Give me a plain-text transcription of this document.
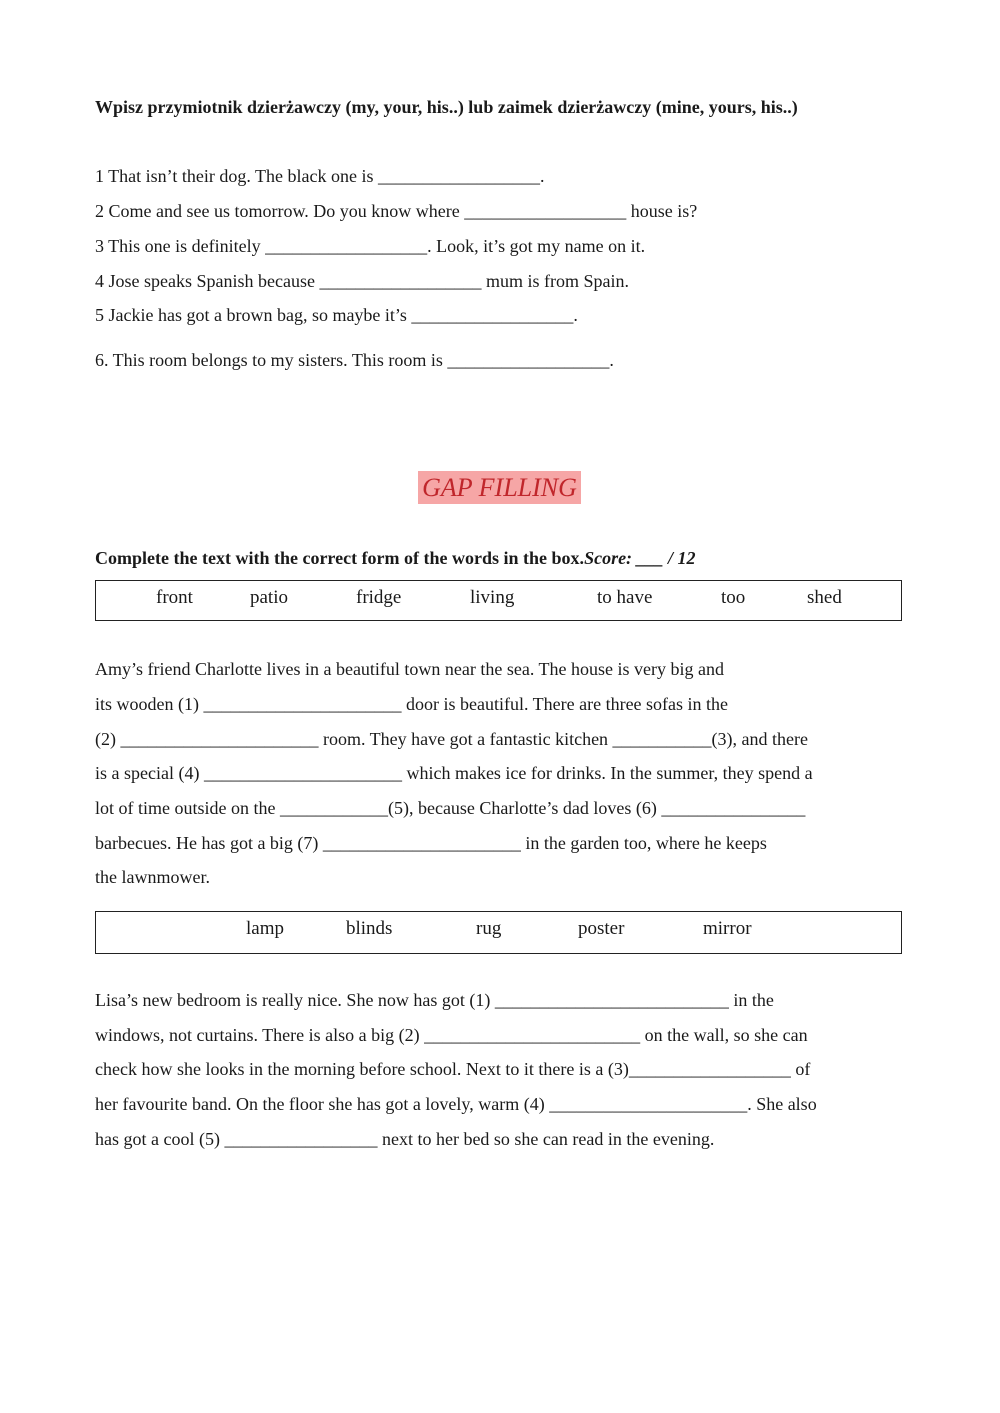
Wpisz przymiotnik dzierżawczy (my, your, his..) lub zaimek dzierżawczy (mine, yours, his..)
1 That isn’t their dog. The black one is __________________.
2 Come and see us tomorrow. Do you know where __________________ house is?
3 This one is definitely __________________. Look, it’s got my name on it.
4 Jose speaks Spanish because __________________ mum is from Spain.
5 Jackie has got a brown bag, so maybe it’s __________________.
6. This room belongs to my sisters. This room is __________________.
GAP FILLING
Complete the text with the correct form of the words in the box.Score: ___ / 12
front	patio	fridge	living	to have	too	shed
Amy’s friend Charlotte lives in a beautiful town near the sea. The house is very big and
its wooden (1) ______________________ door is beautiful. There are three sofas in the
(2) ______________________ room. They have got a fantastic kitchen ___________(3), and there
is a special (4) ______________________ which makes ice for drinks. In the summer, they spend a
lot of time outside on the ____________(5), because Charlotte’s dad loves (6) ________________
barbecues. He has got a big (7) ______________________ in the garden too, where he keeps
the lawnmower.
lamp	blinds	rug	poster	mirror
Lisa’s new bedroom is really nice. She now has got (1) __________________________ in the
windows, not curtains. There is also a big (2) ________________________ on the wall, so she can
check how she looks in the morning before school. Next to it there is a (3)__________________ of
her favourite band. On the floor she has got a lovely, warm (4) ______________________. She also
has got a cool (5) _________________ next to her bed so she can read in the evening.
